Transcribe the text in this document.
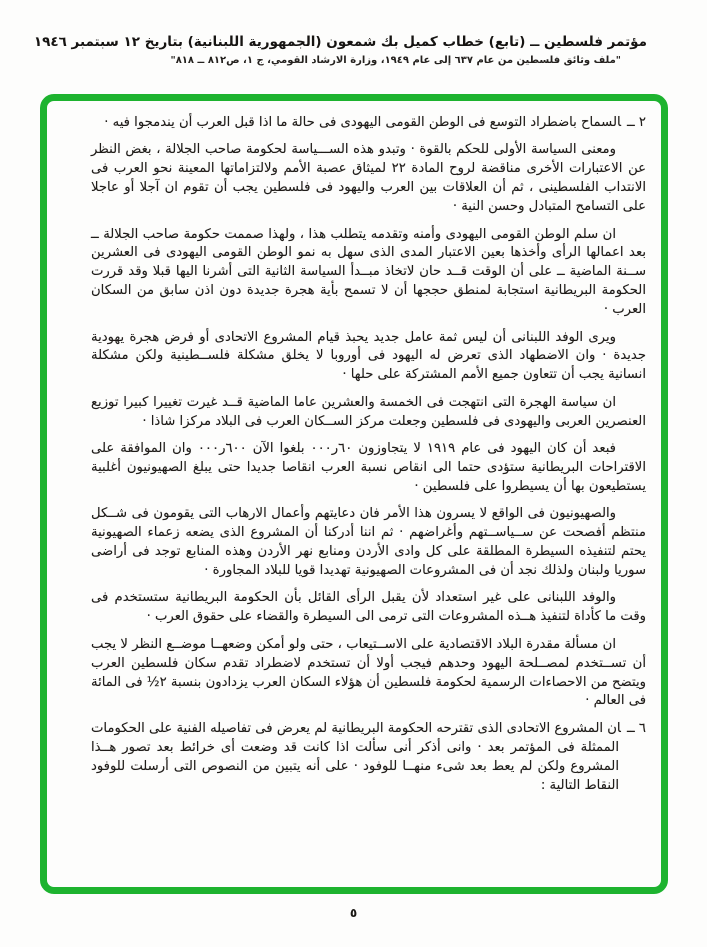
مؤتمر فلسطين ــ (تابع) خطاب كميل بك شمعون (الجمهورية اللبنانية) بتاريخ ١٢ سبتمبر ١٩٤٦
"ملف وثائق فلسطين من عام ٦٣٧ إلى عام ١٩٤٩، وزارة الارشاد القومي، ج ١، ص٨١٢ ــ ٨١٨"

٢ ــالسماح باضطراد التوسع فى الوطن القومى اليهودى فى حالة ما اذا قبل العرب أن يندمجوا فيه ·

ومعنى السياسة الأولى للحكم بالقوة · وتبدو هذه الســـياسة لحكومة صاحب الجلالة ، بغض النظر عن الاعتبارات الأخرى مناقضة لروح المادة ٢٢ لميثاق عصبة الأمم ولالتزاماتها المعينة نحو العرب فى الانتداب الفلسطينى ، ثم أن العلاقات بين العرب واليهود فى فلسطين يجب أن تقوم ان آجلا أو عاجلا على التسامح المتبادل وحسن النية ·

ان سلم الوطن القومى اليهودى وأمنه وتقدمه يتطلب هذا ، ولهذا صممت حكومة صاحب الجلالة ــ بعد اعمالها الرأى وأخذها بعين الاعتبار المدى الذى سهل به نمو الوطن القومى اليهودى فى العشرين ســنة الماضية ــ على أن الوقت قــد حان لاتخاذ مبــدأ السياسة الثانية التى أشرنا اليها قبلا وقد قررت الحكومة البريطانية استجابة لمنطق حججها أن لا تسمح بأية هجرة جديدة دون اذن سابق من السكان العرب ·

ويرى الوفد اللبنانى أن ليس ثمة عامل جديد يحبذ قيام المشروع الاتحادى أو فرض هجرة يهودية جديدة · وان الاضطهاد الذى تعرض له اليهود فى أوروبا لا يخلق مشكلة فلســطينية ولكن مشكلة انسانية يجب أن تتعاون جميع الأمم المشتركة على حلها ·

ان سياسة الهجرة التى انتهجت فى الخمسة والعشرين عاما الماضية قــد غيرت تغييرا كبيرا توزيع العنصرين العربى واليهودى فى فلسطين وجعلت مركز الســكان العرب فى البلاد مركزا شاذا ·

فبعد أن كان اليهود فى عام ١٩١٩ لا يتجاوزون ٦٠ر٠٠٠ بلغوا الآن ٦٠٠ر٠٠٠ وان الموافقة على الاقتراحات البريطانية ستؤدى حتما الى انقاص نسبة العرب انقاصا جديدا حتى يبلغ الصهيونيون أغلبية يستطيعون بها أن يسيطروا على فلسطين ·

والصهيونيون فى الواقع لا يسرون هذا الأمر فان دعايتهم وأعمال الارهاب التى يقومون فى شــكل منتظم أفصحت عن ســياســتهم وأغراضهم · ثم اننا أدركنا أن المشروع الذى يضعه زعماء الصهيونية يحتم لتنفيذه السيطرة المطلقة على كل وادى الأردن ومنابع نهر الأردن وهذه المنابع توجد فى أراضى سوريا ولبنان ولذلك نجد أن فى المشروعات الصهيونية تهديدا قويا للبلاد المجاورة ·

والوفد اللبنانى على غير استعداد لأن يقبل الرأى القائل بأن الحكومة البريطانية ستستخدم فى وقت ما كأداة لتنفيذ هــذه المشروعات التى ترمى الى السيطرة والقضاء على حقوق العرب ·

ان مسألة مقدرة البلاد الاقتصادية على الاســتيعاب ، حتى ولو أمكن وضعهــا موضــع النظر لا يجب أن تســتخدم لمصــلحة اليهود وحدهم فيجب أولا أن تستخدم لاضطراد تقدم سكان فلسطين العرب ويتضح من الاحصاءات الرسمية لحكومة فلسطين أن هؤلاء السكان العرب يزدادون بنسبة ٢½ فى المائة فى العالم ·

٦ ــان المشروع الاتحادى الذى تقترحه الحكومة البريطانية لم يعرض فى تفاصيله الفنية على الحكومات الممثلة فى المؤتمر بعد · وانى أذكر أنى سألت اذا كانت قد وضعت أى خرائط بعد تصور هــذا المشروع ولكن لم يعط بعد شىء منهــا للوفود · على أنه يتبين من النصوص التى أرسلت للوفود النقاط التالية :

٥
